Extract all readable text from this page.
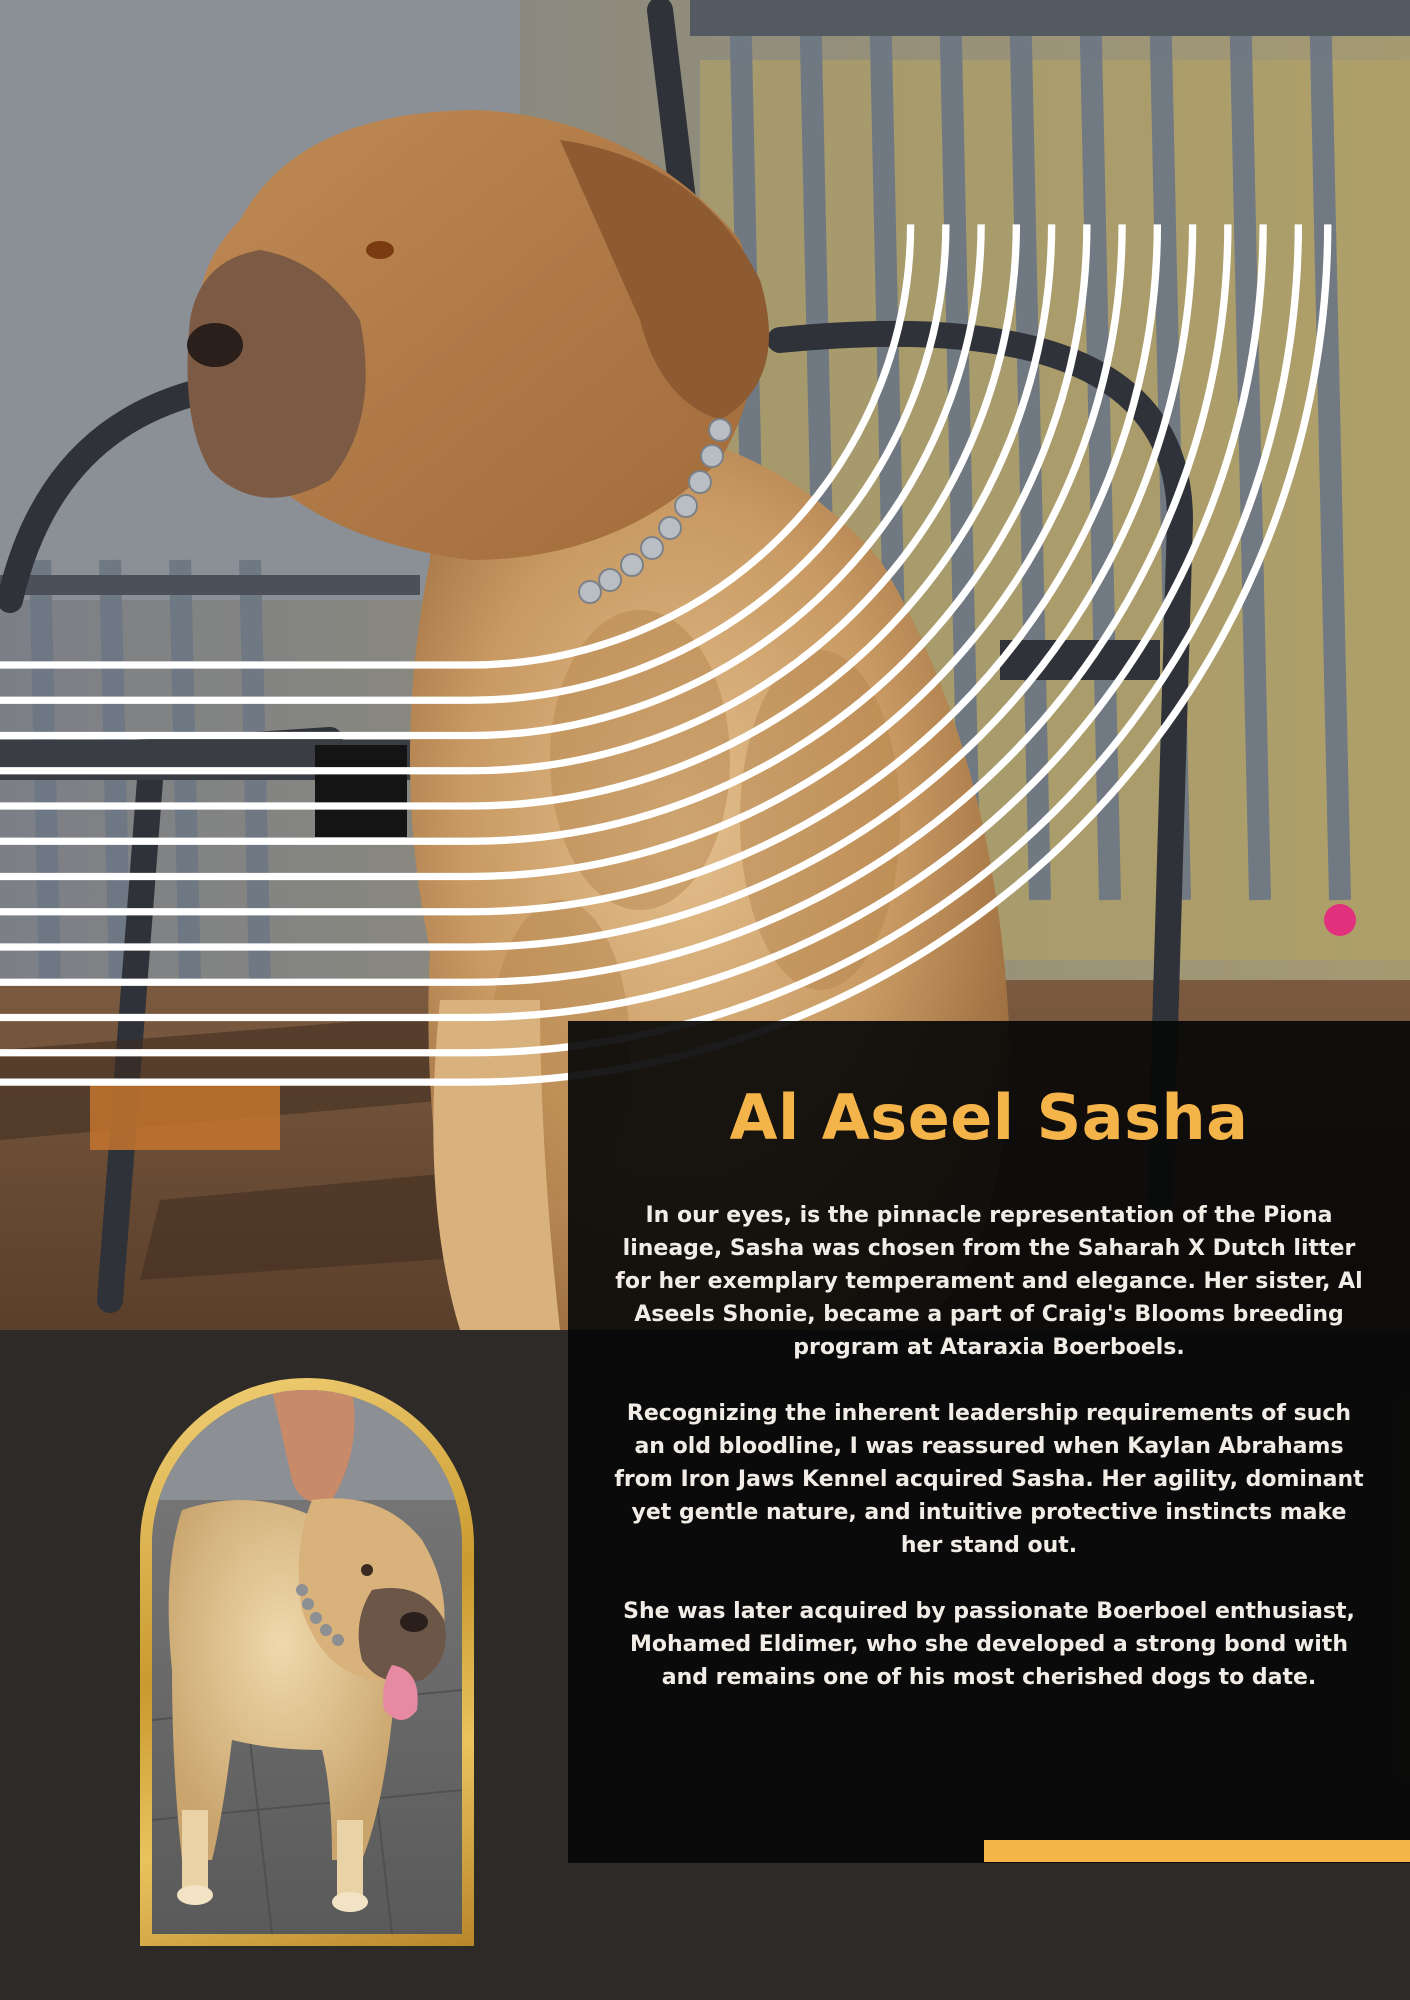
Al Aseel Sasha

In our eyes, is the pinnacle representation of the Piona lineage, Sasha was chosen from the Saharah X Dutch litter for her exemplary temperament and elegance. Her sister, Al Aseels Shonie, became a part of Craig's Blooms breeding program at Ataraxia Boerboels.

Recognizing the inherent leadership requirements of such an old bloodline, I was reassured when Kaylan Abrahams from Iron Jaws Kennel acquired Sasha. Her agility, dominant yet gentle nature, and intuitive protective instincts make her stand out.

She was later acquired by passionate Boerboel enthusiast, Mohamed Eldimer, who she developed a strong bond with and remains one of his most cherished dogs to date.
